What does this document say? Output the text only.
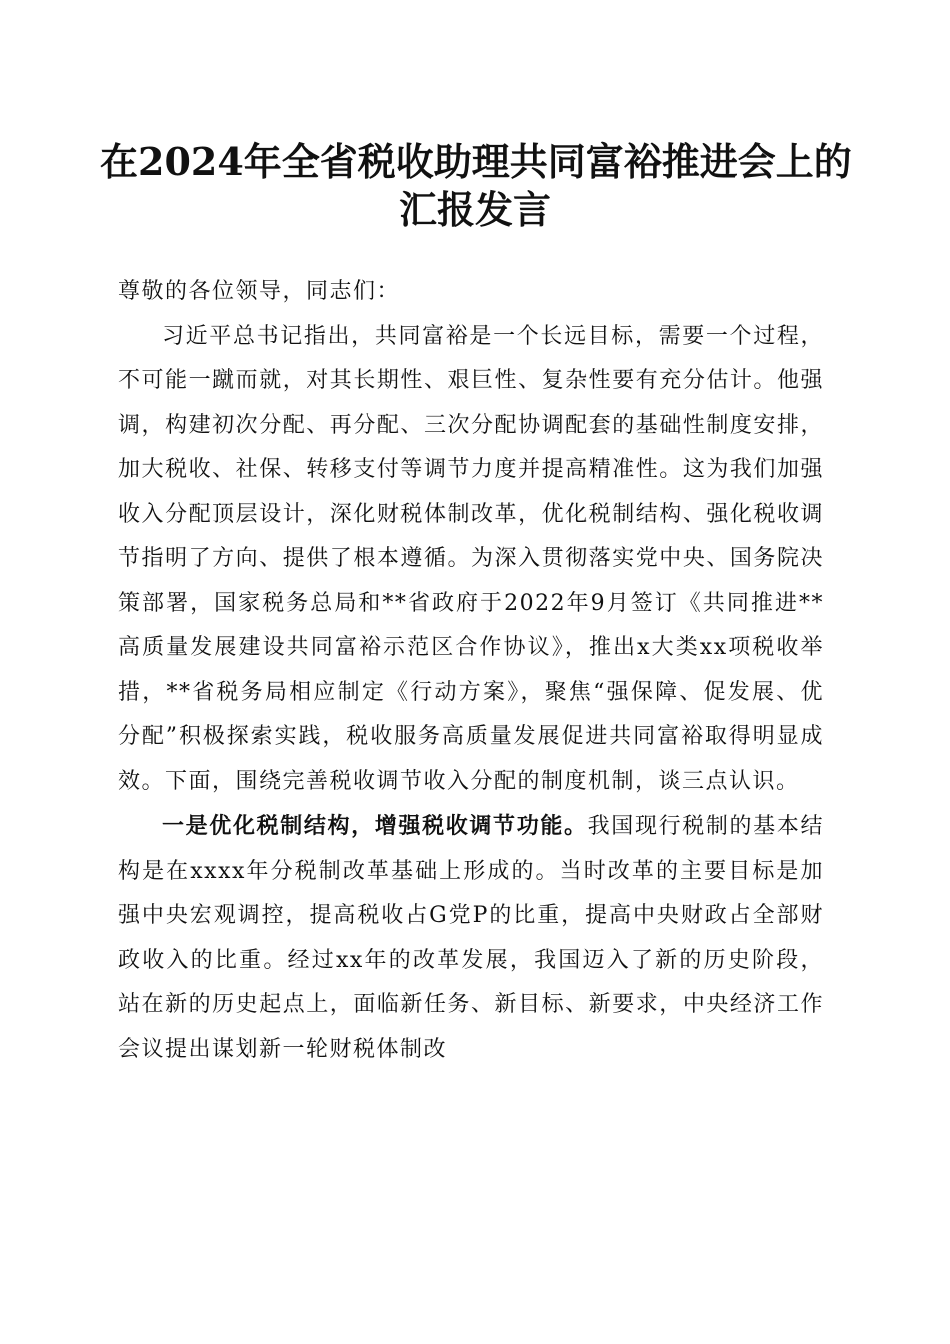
在2024年全省税收助理共同富裕推进会上的
汇报发言

尊敬的各位领导，同志们：

习近平总书记指出，共同富裕是一个长远目标，需要一个过程，不可能一蹴而就，对其长期性、艰巨性、复杂性要有充分估计。他强调，构建初次分配、再分配、三次分配协调配套的基础性制度安排，加大税收、社保、转移支付等调节力度并提高精准性。这为我们加强收入分配顶层设计，深化财税体制改革，优化税制结构、强化税收调节指明了方向、提供了根本遵循。为深入贯彻落实党中央、国务院决策部署，国家税务总局和**省政府于2022年9月签订《共同推进**高质量发展建设共同富裕示范区合作协议》，推出x大类xx项税收举措，**省税务局相应制定《行动方案》，聚焦“强保障、促发展、优分配”积极探索实践，税收服务高质量发展促进共同富裕取得明显成效。下面，围绕完善税收调节收入分配的制度机制，谈三点认识。

一是优化税制结构，增强税收调节功能。我国现行税制的基本结构是在xxxx年分税制改革基础上形成的。当时改革的主要目标是加强中央宏观调控，提高税收占G党P的比重，提高中央财政占全部财政收入的比重。经过xx年的改革发展，我国迈入了新的历史阶段，站在新的历史起点上，面临新任务、新目标、新要求，中央经济工作会议提出谋划新一轮财税体制改
